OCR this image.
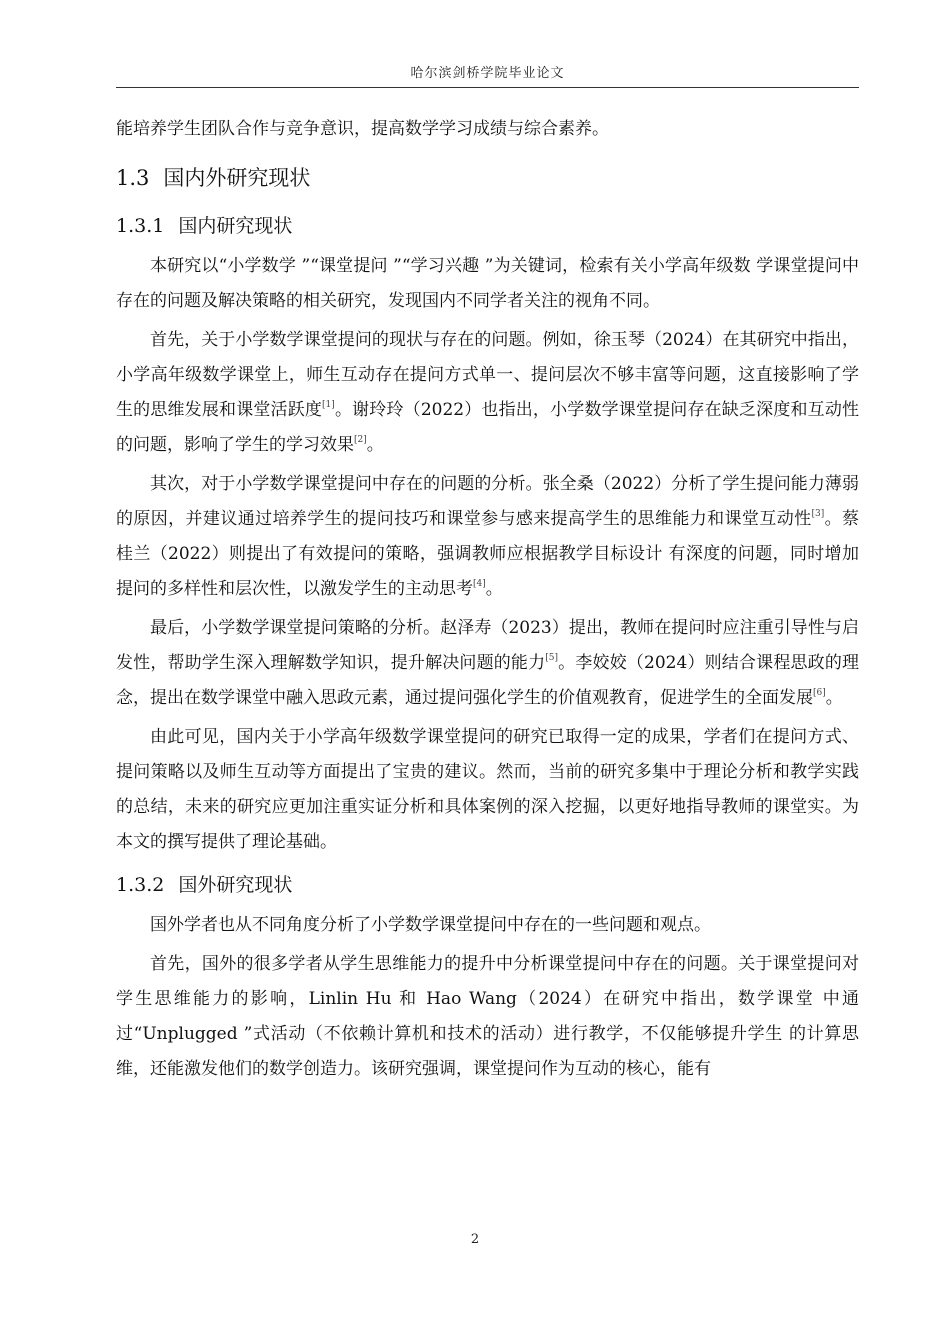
哈尔滨剑桥学院毕业论文

能培养学生团队合作与竞争意识，提高数学学习成绩与综合素养。

1.3 国内外研究现状
1.3.1 国内研究现状

本研究以“小学数学 ”“课堂提问 ”“学习兴趣 ”为关键词，检索有关小学高年级数 学课堂提问中存在的问题及解决策略的相关研究，发现国内不同学者关注的视角不同。

首先，关于小学数学课堂提问的现状与存在的问题。例如，徐玉琴（2024）在其研究中指出，小学高年级数学课堂上，师生互动存在提问方式单一、提问层次不够丰富等问题，这直接影响了学生的思维发展和课堂活跃度[1]。谢玲玲（2022）也指出，小学数学课堂提问存在缺乏深度和互动性的问题，影响了学生的学习效果[2]。

其次，对于小学数学课堂提问中存在的问题的分析。张全桑（2022）分析了学生提问能力薄弱的原因，并建议通过培养学生的提问技巧和课堂参与感来提高学生的思维能力和课堂互动性[3]。蔡桂兰（2022）则提出了有效提问的策略，强调教师应根据教学目标设计 有深度的问题，同时增加提问的多样性和层次性，以激发学生的主动思考[4]。

最后，小学数学课堂提问策略的分析。赵泽寿（2023）提出，教师在提问时应注重引导性与启发性，帮助学生深入理解数学知识，提升解决问题的能力[5]。李姣姣（2024）则结合课程思政的理念，提出在数学课堂中融入思政元素，通过提问强化学生的价值观教育，促进学生的全面发展[6]。

由此可见，国内关于小学高年级数学课堂提问的研究已取得一定的成果，学者们在提问方式、提问策略以及师生互动等方面提出了宝贵的建议。然而，当前的研究多集中于理论分析和教学实践的总结，未来的研究应更加注重实证分析和具体案例的深入挖掘，以更好地指导教师的课堂实。为本文的撰写提供了理论基础。

1.3.2 国外研究现状

国外学者也从不同角度分析了小学数学课堂提问中存在的一些问题和观点。

首先，国外的很多学者从学生思维能力的提升中分析课堂提问中存在的问题。关于课堂提问对学生思维能力的影响，Linlin Hu 和 Hao Wang（2024）在研究中指出，数学课堂 中通过“Unplugged ”式活动（不依赖计算机和技术的活动）进行教学，不仅能够提升学生 的计算思维，还能激发他们的数学创造力。该研究强调，课堂提问作为互动的核心，能有

2
